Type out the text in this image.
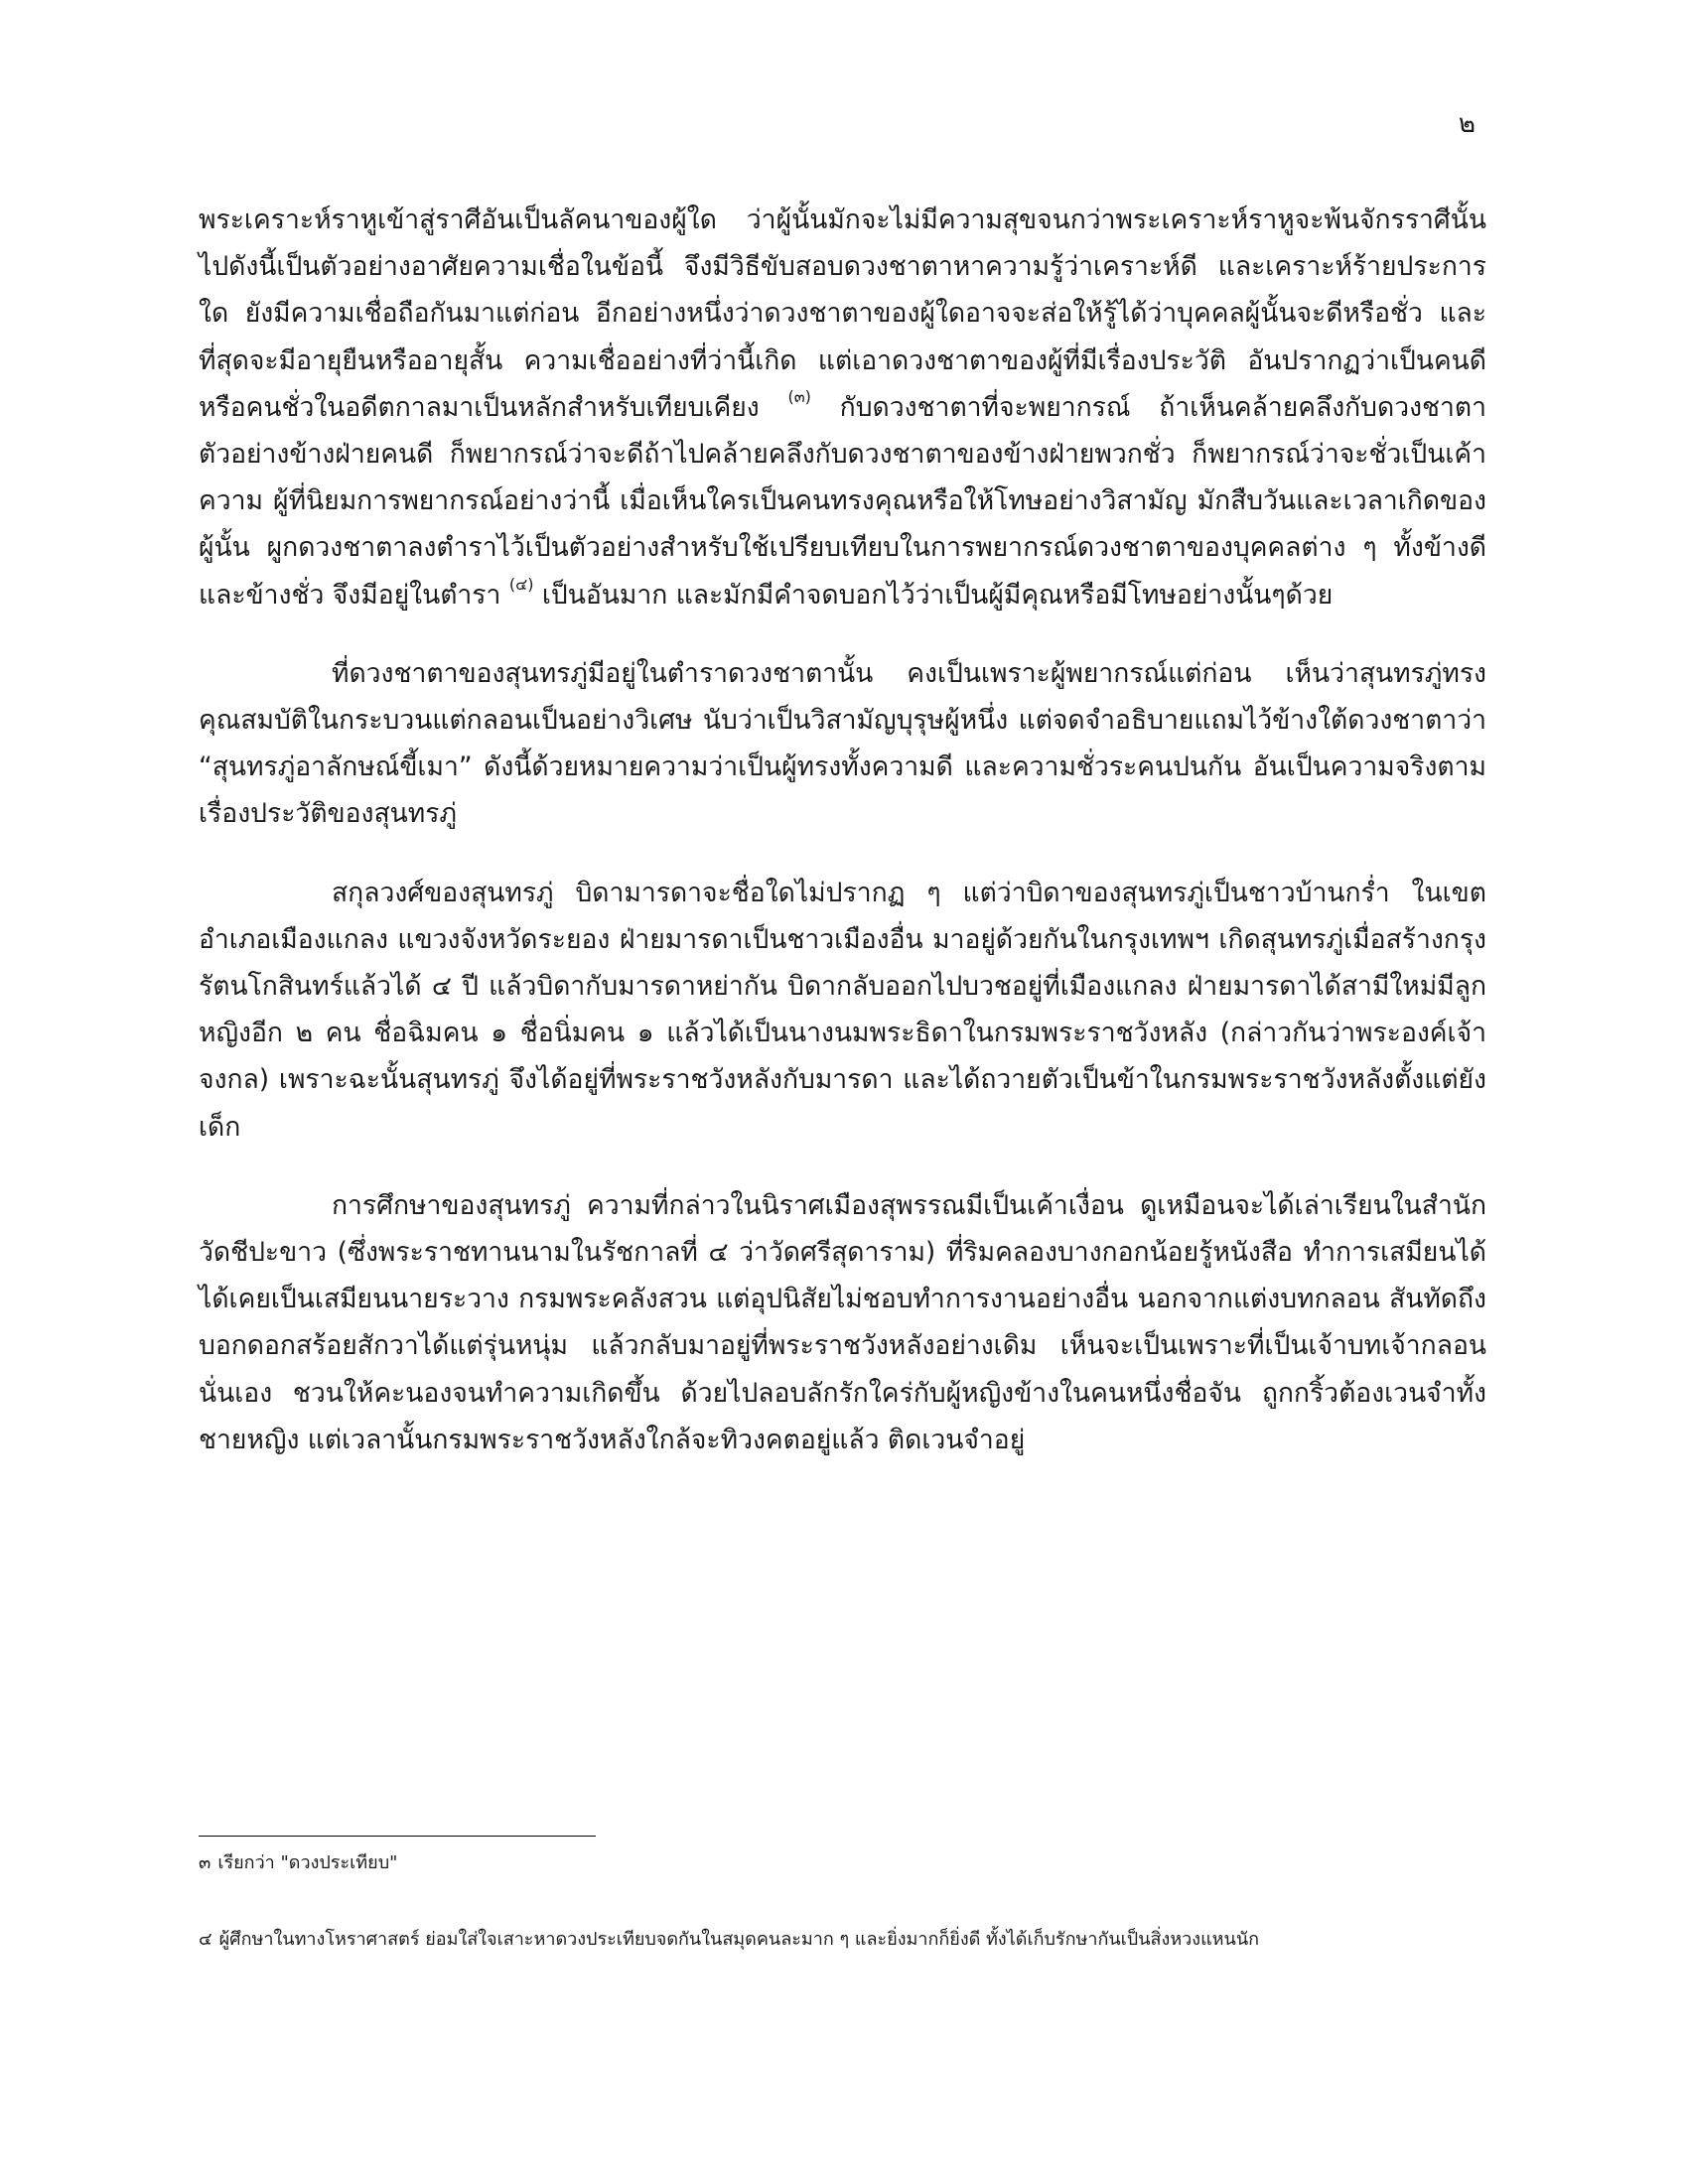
๒

พระเคราะห์ราหูเข้าสู่ราศีอันเป็นลัคนาของผู้ใด ว่าผู้นั้นมักจะไม่มีความสุขจนกว่าพระเคราะห์ราหูจะพ้นจักรราศีนั้นไปดังนี้เป็นตัวอย่างอาศัยความเชื่อในข้อนี้ จึงมีวิธีขับสอบดวงชาตาหาความรู้ว่าเคราะห์ดี และเคราะห์ร้ายประการใด ยังมีความเชื่อถือกันมาแต่ก่อน อีกอย่างหนึ่งว่าดวงชาตาของผู้ใดอาจจะส่อให้รู้ได้ว่าบุคคลผู้นั้นจะดีหรือชั่ว และที่สุดจะมีอายุยืนหรืออายุสั้น ความเชื่ออย่างที่ว่านี้เกิด แต่เอาดวงชาตาของผู้ที่มีเรื่องประวัติ อันปรากฏว่าเป็นคนดีหรือคนชั่วในอดีตกาลมาเป็นหลักสำหรับเทียบเคียง $^{(๓)}$ กับดวงชาตาที่จะพยากรณ์ ถ้าเห็นคล้ายคลึงกับดวงชาตาตัวอย่างข้างฝ่ายคนดี ก็พยากรณ์ว่าจะดีถ้าไปคล้ายคลึงกับดวงชาตาของข้างฝ่ายพวกชั่ว ก็พยากรณ์ว่าจะชั่วเป็นเค้าความ ผู้ที่นิยมการพยากรณ์อย่างว่านี้ เมื่อเห็นใครเป็นคนทรงคุณหรือให้โทษอย่างวิสามัญ มักสืบวันและเวลาเกิดของผู้นั้น ผูกดวงชาตาลงตำราไว้เป็นตัวอย่างสำหรับใช้เปรียบเทียบในการพยากรณ์ดวงชาตาของบุคคลต่าง ๆ ทั้งข้างดีและข้างชั่ว จึงมีอยู่ในตำรา $^{(๔)}$ เป็นอันมาก และมักมีคำจดบอกไว้ว่าเป็นผู้มีคุณหรือมีโทษอย่างนั้นๆด้วย

ที่ดวงชาตาของสุนทรภู่มีอยู่ในตำราดวงชาตานั้น คงเป็นเพราะผู้พยากรณ์แต่ก่อน เห็นว่าสุนทรภู่ทรงคุณสมบัติในกระบวนแต่กลอนเป็นอย่างวิเศษ นับว่าเป็นวิสามัญบุรุษผู้หนึ่ง แต่จดจำอธิบายแถมไว้ข้างใต้ดวงชาตาว่า “สุนทรภู่อาลักษณ์ขี้เมา” ดังนี้ด้วยหมายความว่าเป็นผู้ทรงทั้งความดี และความชั่วระคนปนกัน อันเป็นความจริงตามเรื่องประวัติของสุนทรภู่

สกุลวงศ์ของสุนทรภู่ บิดามารดาจะชื่อใดไม่ปรากฏ ๆ แต่ว่าบิดาของสุนทรภู่เป็นชาวบ้านกร่ำ ในเขตอำเภอเมืองแกลง แขวงจังหวัดระยอง ฝ่ายมารดาเป็นชาวเมืองอื่น มาอยู่ด้วยกันในกรุงเทพฯ เกิดสุนทรภู่เมื่อสร้างกรุงรัตนโกสินทร์แล้วได้ ๔ ปี แล้วบิดากับมารดาหย่ากัน บิดากลับออกไปบวชอยู่ที่เมืองแกลง ฝ่ายมารดาได้สามีใหม่มีลูกหญิงอีก ๒ คน ชื่อฉิมคน ๑ ชื่อนิ่มคน ๑ แล้วได้เป็นนางนมพระธิดาในกรมพระราชวังหลัง (กล่าวกันว่าพระองค์เจ้าจงกล) เพราะฉะนั้นสุนทรภู่ จึงได้อยู่ที่พระราชวังหลังกับมารดา และได้ถวายตัวเป็นข้าในกรมพระราชวังหลังตั้งแต่ยังเด็ก

การศึกษาของสุนทรภู่ ความที่กล่าวในนิราศเมืองสุพรรณมีเป็นเค้าเงื่อน ดูเหมือนจะได้เล่าเรียนในสำนักวัดชีปะขาว (ซึ่งพระราชทานนามในรัชกาลที่ ๔ ว่าวัดศรีสุดาราม) ที่ริมคลองบางกอกน้อยรู้หนังสือ ทำการเสมียนได้ ได้เคยเป็นเสมียนนายระวาง กรมพระคลังสวน แต่อุปนิสัยไม่ชอบทำการงานอย่างอื่น นอกจากแต่งบทกลอน สันทัดถึงบอกดอกสร้อยสักวาได้แต่รุ่นหนุ่ม แล้วกลับมาอยู่ที่พระราชวังหลังอย่างเดิม เห็นจะเป็นเพราะที่เป็นเจ้าบทเจ้ากลอนนั่นเอง ชวนให้คะนองจนทำความเกิดขึ้น ด้วยไปลอบลักรักใคร่กับผู้หญิงข้างในคนหนึ่งชื่อจัน ถูกกริ้วต้องเวนจำทั้งชายหญิง แต่เวลานั้นกรมพระราชวังหลังใกล้จะทิวงคตอยู่แล้ว ติดเวนจำอยู่

๓ เรียกว่า "ดวงประเทียบ"
๔ ผู้ศึกษาในทางโหราศาสตร์ ย่อมใส่ใจเสาะหาดวงประเทียบจดกันในสมุดคนละมาก ๆ และยิ่งมากก็ยิ่งดี ทั้งได้เก็บรักษากันเป็นสิ่งหวงแหนนัก
